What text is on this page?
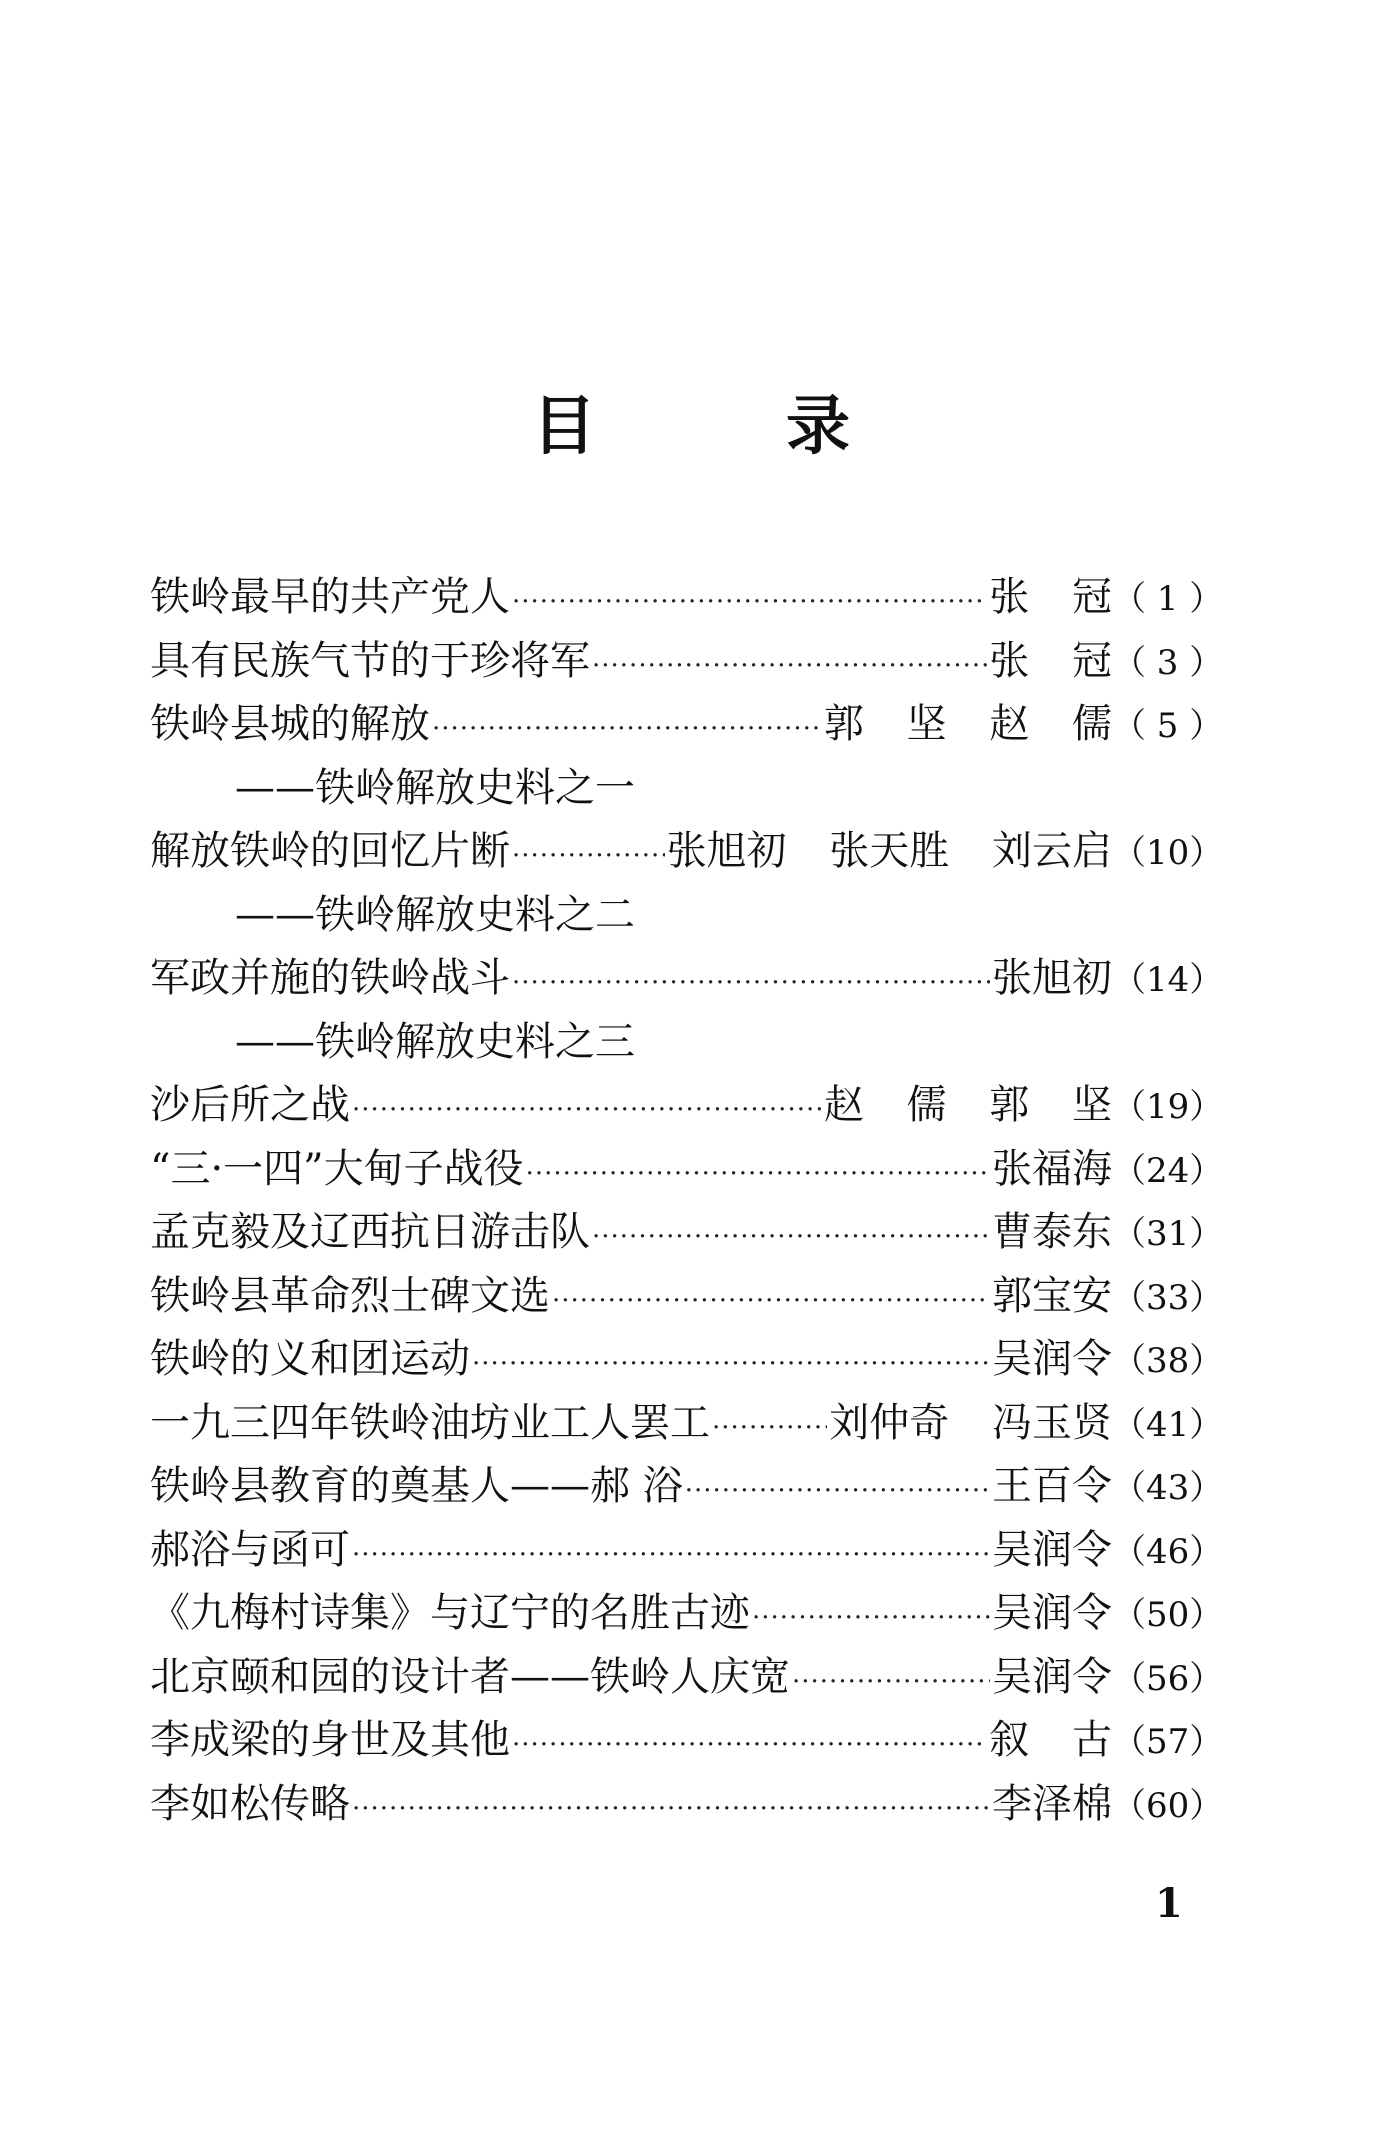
目	录
铁岭最早的共产党人 ·····	张 冠 （ 1 ）
具有民族气节的于珍将军 ·····	张 冠 （ 3 ）
铁岭县城的解放 ·····	郭 坚 赵 儒 （ 5 ）
——铁岭解放史料之一
解放铁岭的回忆片断 ·····	张旭初 张天胜 刘云启 （10）
——铁岭解放史料之二
军政并施的铁岭战斗 ·····	张旭初 （14）
——铁岭解放史料之三
沙后所之战 ·····	赵 儒 郭 坚 （19）
“三·一四”大甸子战役 ·····	张福海 （24）
孟克毅及辽西抗日游击队 ·····	曹泰东 （31）
铁岭县革命烈士碑文选 ·····	郭宝安 （33）
铁岭的义和团运动 ·····	吴润令 （38）
一九三四年铁岭油坊业工人罢工 ·····	刘仲奇 冯玉贤 （41）
铁岭县教育的奠基人——郝 浴 ·····	王百令 （43）
郝浴与函可 ·····	吴润令 （46）
《九梅村诗集》与辽宁的名胜古迹 ·····	吴润令 （50）
北京颐和园的设计者——铁岭人庆宽 ·····	吴润令 （56）
李成梁的身世及其他 ·····	叙 古 （57）
李如松传略 ·····	李泽棉 （60）
1
